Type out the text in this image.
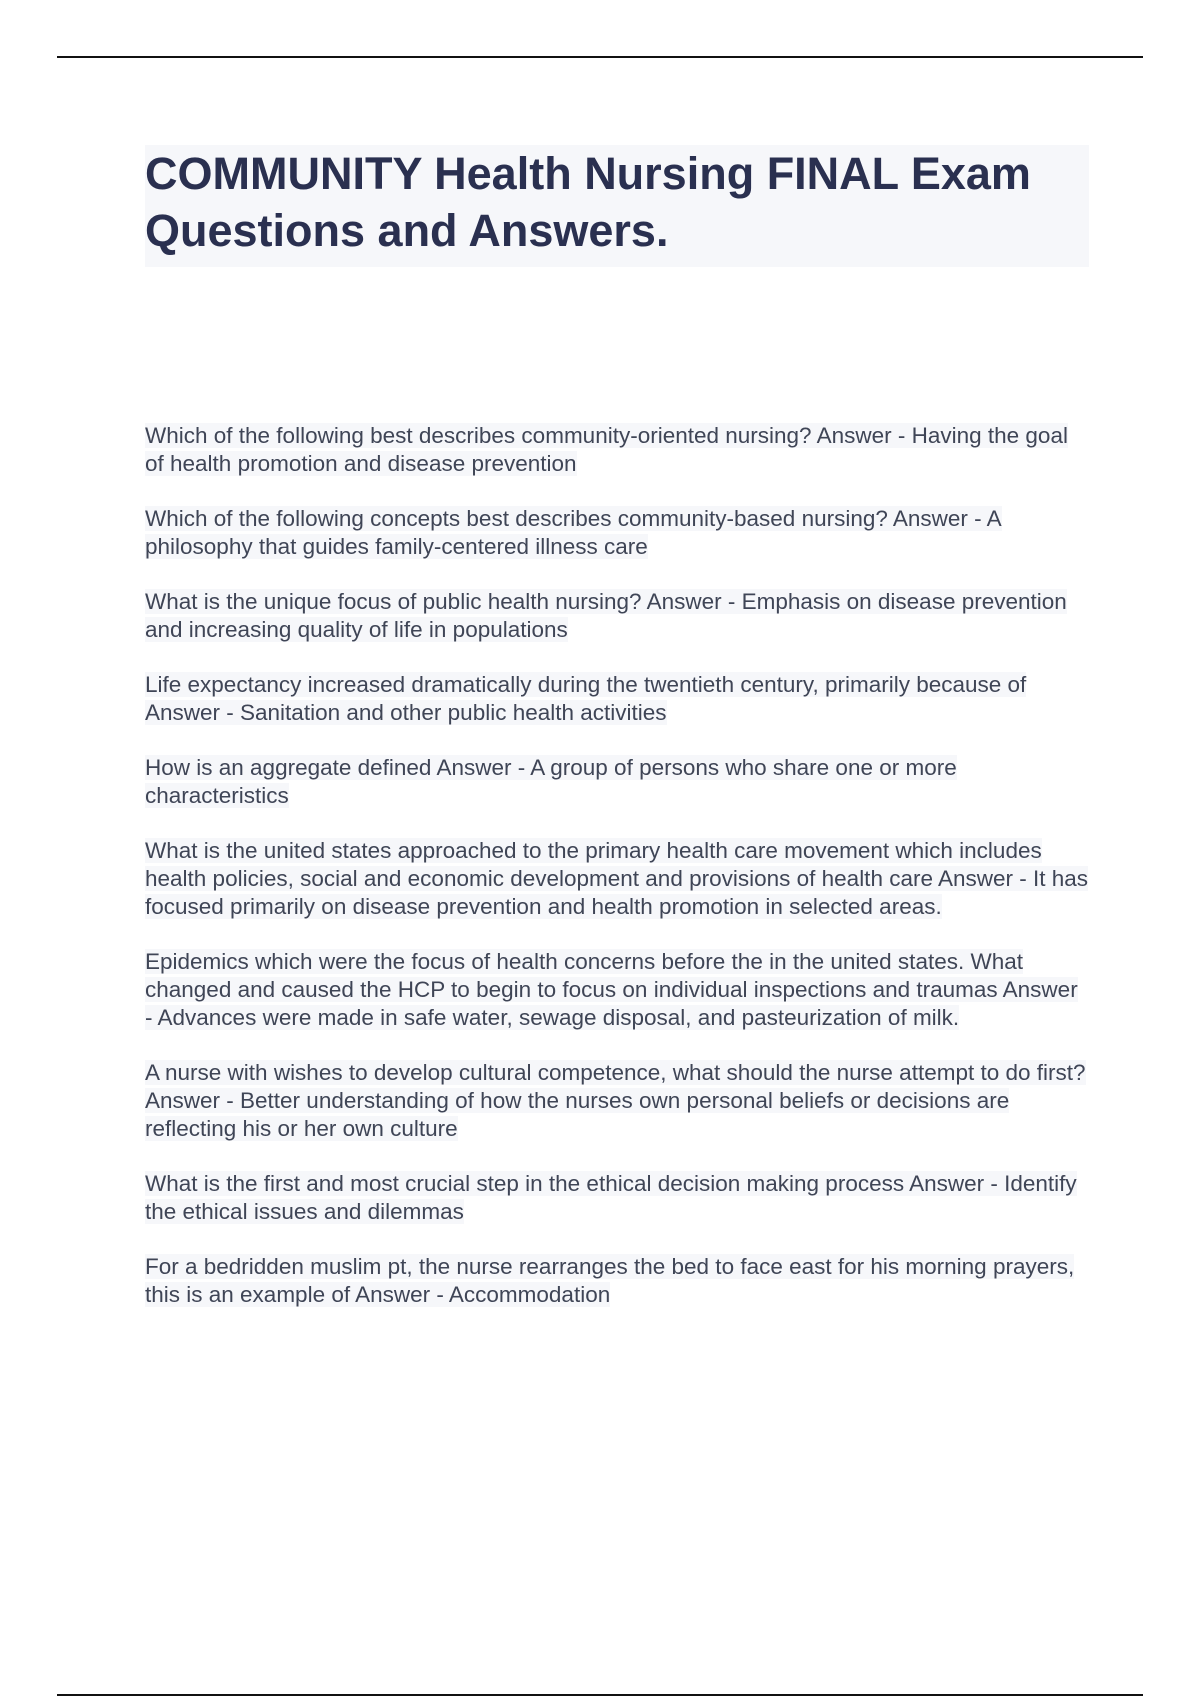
COMMUNITY Health Nursing FINAL Exam Questions and Answers.

Which of the following best describes community-oriented nursing? Answer - Having the goal of health promotion and disease prevention

Which of the following concepts best describes community-based nursing? Answer - A philosophy that guides family-centered illness care

What is the unique focus of public health nursing? Answer - Emphasis on disease prevention and increasing quality of life in populations

Life expectancy increased dramatically during the twentieth century, primarily because of Answer - Sanitation and other public health activities

How is an aggregate defined Answer - A group of persons who share one or more characteristics

What is the united states approached to the primary health care movement which includes health policies, social and economic development and provisions of health care Answer - It has focused primarily on disease prevention and health promotion in selected areas.

Epidemics which were the focus of health concerns before the in the united states. What changed and caused the HCP to begin to focus on individual inspections and traumas Answer - Advances were made in safe water, sewage disposal, and pasteurization of milk.

A nurse with wishes to develop cultural competence, what should the nurse attempt to do first? Answer - Better understanding of how the nurses own personal beliefs or decisions are reflecting his or her own culture

What is the first and most crucial step in the ethical decision making process Answer - Identify the ethical issues and dilemmas

For a bedridden muslim pt, the nurse rearranges the bed to face east for his morning prayers, this is an example of Answer - Accommodation
